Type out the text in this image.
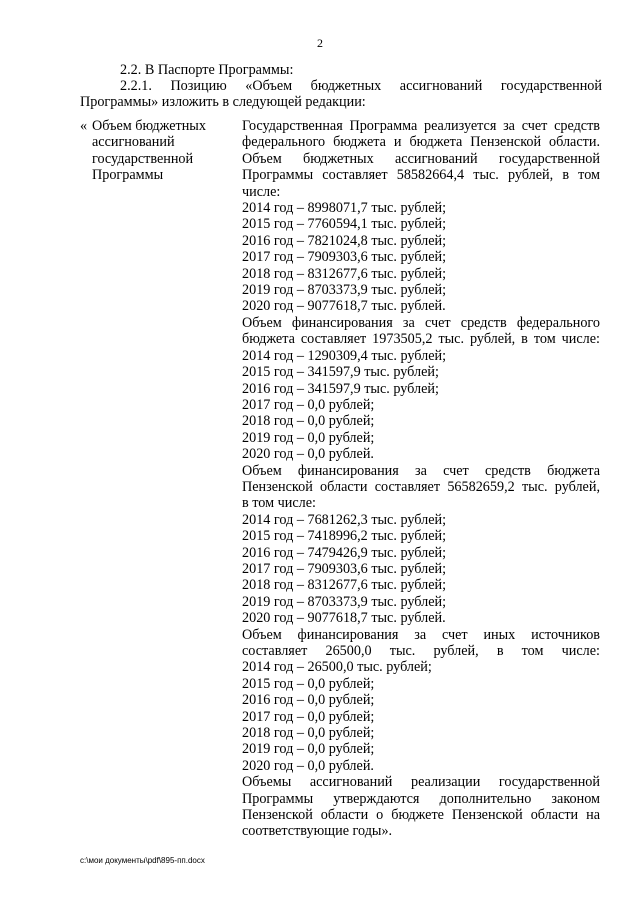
2
2.2. В Паспорте Программы:
2.2.1. Позицию «Объем бюджетных ассигнований государственной
Программы» изложить в следующей редакции:
« Объем бюджетных ассигнований государственной Программы
Государственная Программа реализуется за счет средств
федерального бюджета и бюджета Пензенской области.
Объем бюджетных ассигнований государственной
Программы составляет 58582664,4 тыс. рублей, в том
числе:
2014 год – 8998071,7 тыс. рублей;
2015 год – 7760594,1 тыс. рублей;
2016 год – 7821024,8 тыс. рублей;
2017 год – 7909303,6 тыс. рублей;
2018 год – 8312677,6 тыс. рублей;
2019 год – 8703373,9 тыс. рублей;
2020 год – 9077618,7 тыс. рублей.
Объем финансирования за счет средств федерального
бюджета составляет 1973505,2 тыс. рублей, в том числе:
2014 год – 1290309,4 тыс. рублей;
2015 год – 341597,9 тыс. рублей;
2016 год – 341597,9 тыс. рублей;
2017 год – 0,0 рублей;
2018 год – 0,0 рублей;
2019 год – 0,0 рублей;
2020 год – 0,0 рублей.
Объем финансирования за счет средств бюджета
Пензенской области составляет 56582659,2 тыс. рублей,
в том числе:
2014 год – 7681262,3 тыс. рублей;
2015 год – 7418996,2 тыс. рублей;
2016 год – 7479426,9 тыс. рублей;
2017 год – 7909303,6 тыс. рублей;
2018 год – 8312677,6 тыс. рублей;
2019 год – 8703373,9 тыс. рублей;
2020 год – 9077618,7 тыс. рублей.
Объем финансирования за счет иных источников
составляет 26500,0 тыс. рублей, в том числе:
2014 год – 26500,0 тыс. рублей;
2015 год – 0,0 рублей;
2016 год – 0,0 рублей;
2017 год – 0,0 рублей;
2018 год – 0,0 рублей;
2019 год – 0,0 рублей;
2020 год – 0,0 рублей.
Объемы ассигнований реализации государственной
Программы утверждаются дополнительно законом
Пензенской области о бюджете Пензенской области на
соответствующие годы».
c:\мои документы\pdf\895-пп.docx
